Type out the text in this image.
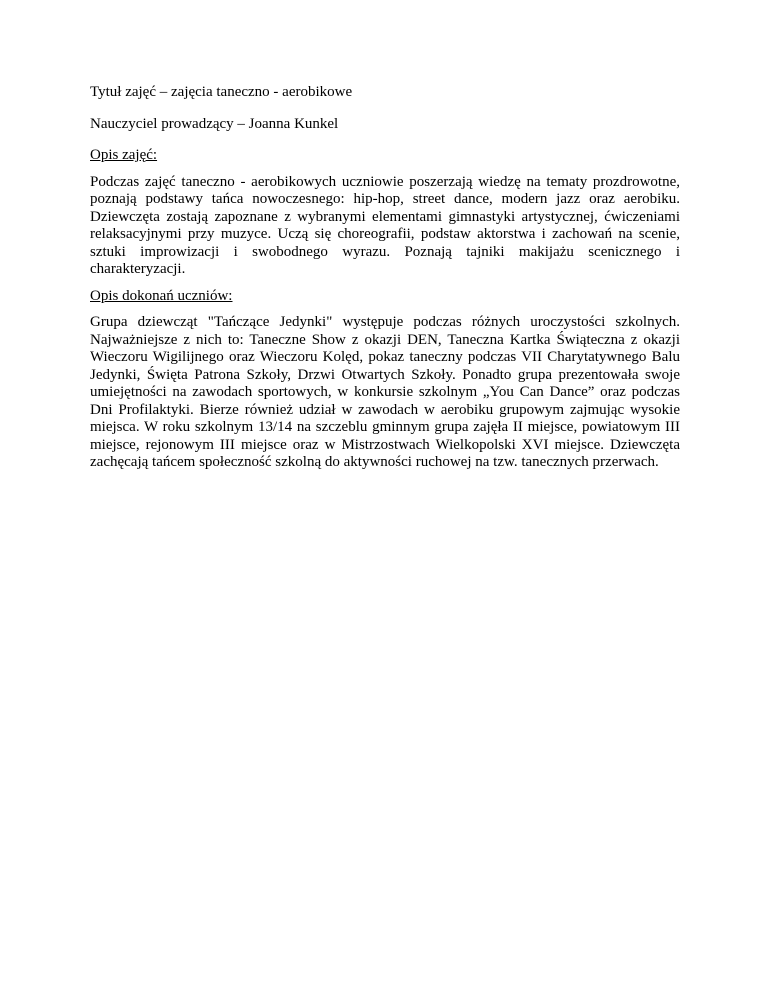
Tytuł zajęć – zajęcia taneczno - aerobikowe

Nauczyciel prowadzący – Joanna Kunkel

Opis zajęć:

Podczas zajęć taneczno - aerobikowych uczniowie poszerzają wiedzę na tematy prozdrowotne, poznają podstawy tańca nowoczesnego: hip-hop, street dance, modern jazz oraz aerobiku. Dziewczęta zostają zapoznane z wybranymi elementami gimnastyki artystycznej, ćwiczeniami relaksacyjnymi przy muzyce. Uczą się choreografii, podstaw aktorstwa i zachowań na scenie, sztuki improwizacji i swobodnego wyrazu. Poznają tajniki makijażu scenicznego i charakteryzacji.

Opis dokonań uczniów:

Grupa dziewcząt "Tańczące Jedynki" występuje podczas różnych uroczystości szkolnych. Najważniejsze z nich to: Taneczne Show z okazji DEN, Taneczna Kartka Świąteczna z okazji Wieczoru Wigilijnego oraz Wieczoru Kolęd, pokaz taneczny podczas VII Charytatywnego Balu Jedynki, Święta Patrona Szkoły, Drzwi Otwartych Szkoły. Ponadto grupa prezentowała swoje umiejętności na zawodach sportowych, w konkursie szkolnym „You Can Dance” oraz podczas Dni Profilaktyki. Bierze również udział w zawodach w aerobiku grupowym zajmując wysokie miejsca. W roku szkolnym 13/14 na szczeblu gminnym grupa zajęła II miejsce, powiatowym III miejsce, rejonowym III miejsce oraz w Mistrzostwach Wielkopolski XVI miejsce. Dziewczęta zachęcają tańcem społeczność szkolną do aktywności ruchowej na tzw. tanecznych przerwach.
